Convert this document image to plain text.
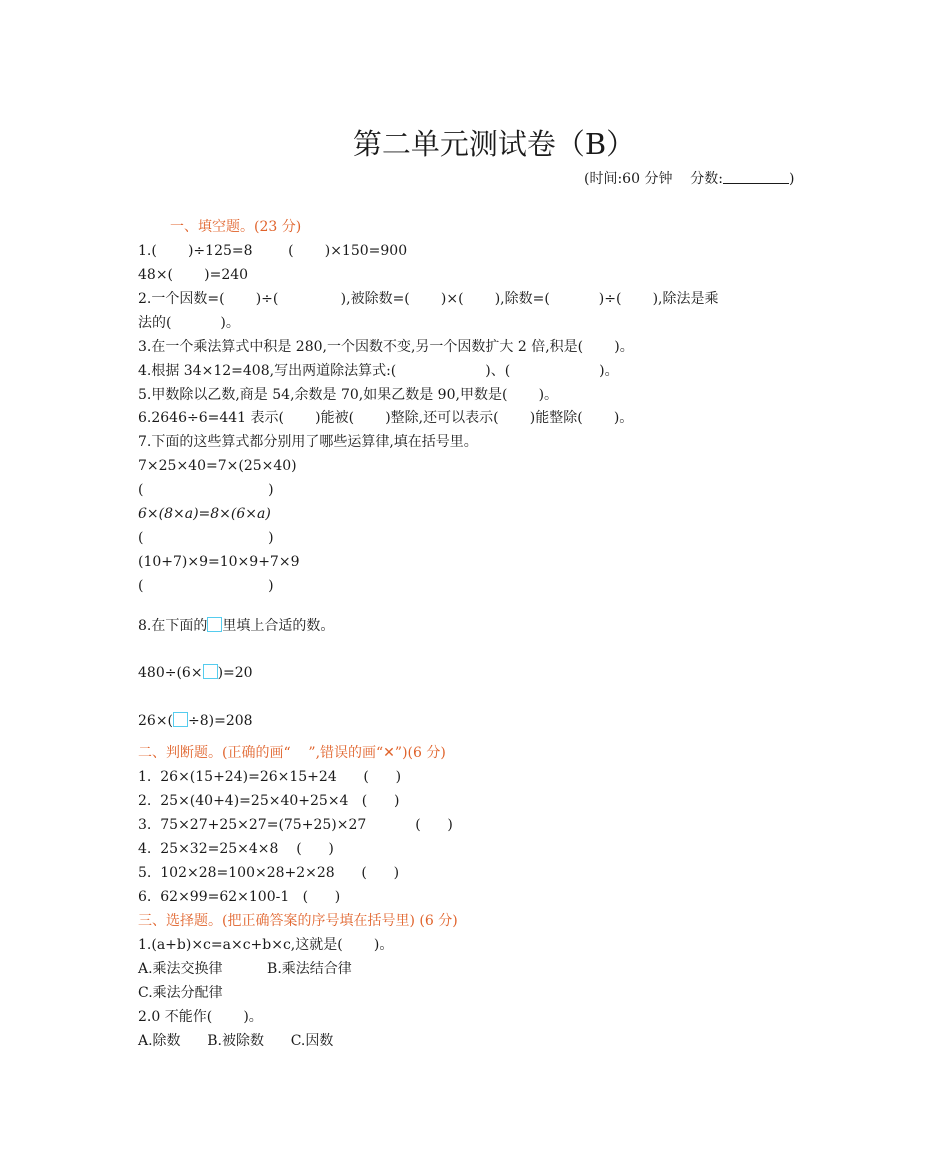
第二单元测试卷（B）
(时间:60 分钟    分数:	)
一、填空题。(23 分)
1.(       )÷125=8        (       )×150=900
48×(       )=240
2.一个因数=(       )÷(              ),被除数=(       )×(       ),除数=(           )÷(       ),除法是乘
法的(           )。
3.在一个乘法算式中积是 280,一个因数不变,另一个因数扩大 2 倍,积是(       )。
4.根据 34×12=408,写出两道除法算式:(                    )、(                    )。
5.甲数除以乙数,商是 54,余数是 70,如果乙数是 90,甲数是(       )。
6.2646÷6=441 表示(       )能被(       )整除,还可以表示(       )能整除(       )。
7.下面的这些算式都分别用了哪些运算律,填在括号里。
7×25×40=7×(25×40)
(                            )
6×(8×a)=8×(6×a)
(                            )
(10+7)×9=10×9+7×9
(                            )
8.在下面的 里填上合适的数。
480÷(6× )=20
26×( ÷8)=208
二、判断题。(正确的画“    ”,错误的画“✕”)(6 分)
1.  26×(15+24)=26×15+24      (      )
2.  25×(40+4)=25×40+25×4   (      )
3.  75×27+25×27=(75+25)×27           (      )
4.  25×32=25×4×8    (      )
5.  102×28=100×28+2×28      (      )
6.  62×99=62×100-1   (      )
三、选择题。(把正确答案的序号填在括号里) (6 分)
1.(a+b)×c=a×c+b×c,这就是(       )。
A.乘法交换律          B.乘法结合律
C.乘法分配律
2.0 不能作(       )。
A.除数      B.被除数      C.因数
